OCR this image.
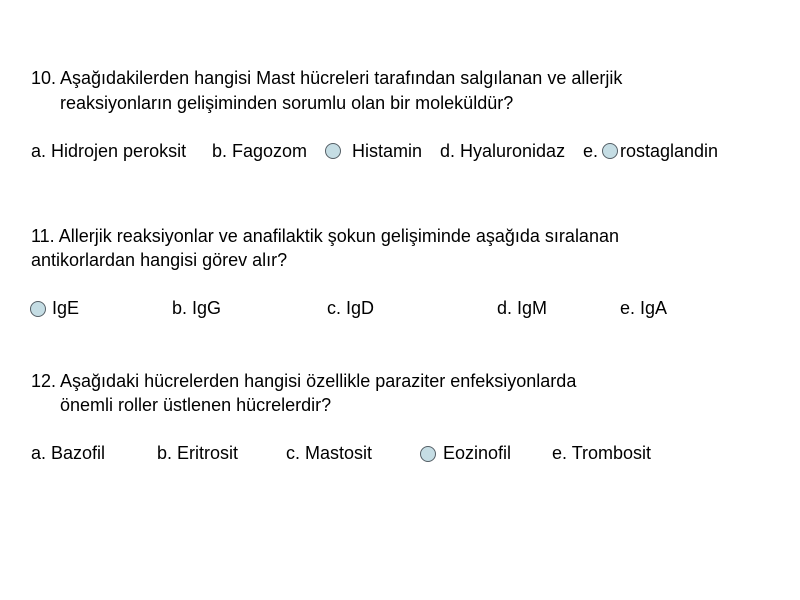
10. Aşağıdakilerden hangisi Mast hücreleri tarafından salgılanan ve allerjik
reaksiyonların gelişiminden sorumlu olan bir moleküldür?
a. Hidrojen peroksit b. Fagozom Histamin d. Hyaluronidaz e. rostaglandin
11. Allerjik reaksiyonlar ve anafilaktik şokun gelişiminde aşağıda sıralanan
antikorlardan hangisi görev alır?
IgE	b. IgG	c. IgD	d. IgM	e. IgA
12. Aşağıdaki hücrelerden hangisi özellikle paraziter enfeksiyonlarda
önemli roller üstlenen hücrelerdir?
a. Bazofil	b. Eritrosit	c. Mastosit	Eozinofil e. Trombosit
